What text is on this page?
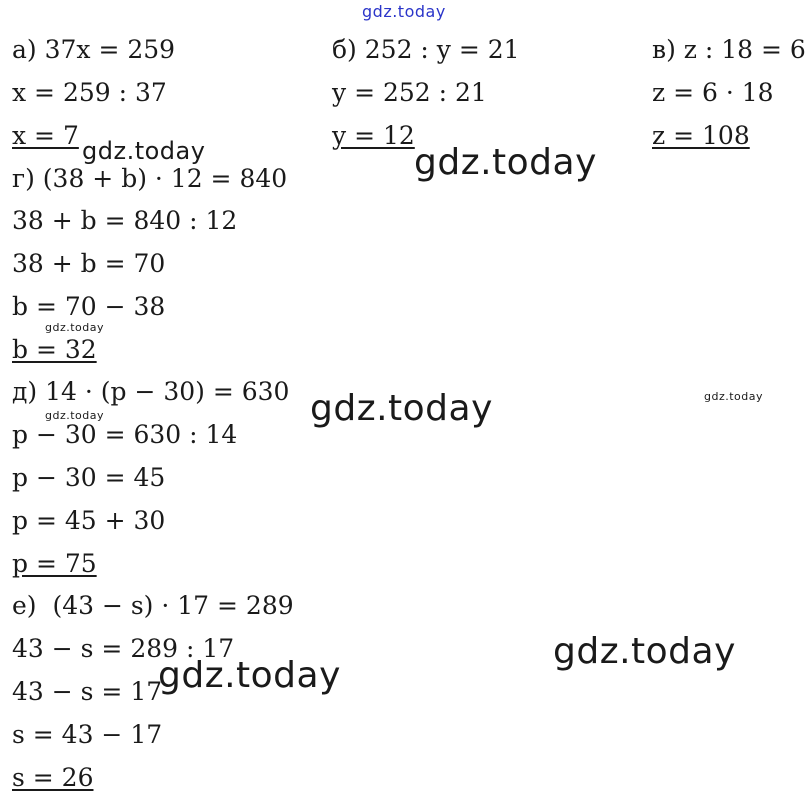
а) 37x = 259
x = 259 : 37
x = 7
б) 252 : y = 21
y = 252 : 21
y = 12
в) z : 18 = 6
z = 6 · 18
z = 108
г) (38 + b) · 12 = 840
38 + b = 840 : 12
38 + b = 70
b = 70 − 38
b = 32
д) 14 · (p − 30) = 630
p − 30 = 630 : 14
p − 30 = 45
p = 45 + 30
p = 75
е)  (43 − s) · 17 = 289
43 − s = 289 : 17
43 − s = 17
s = 43 − 17
s = 26
gdz.today
gdz.today	gdz.today
gdz.today
gdz.today	gdz.today
gdz.today
gdz.today
gdz.today
